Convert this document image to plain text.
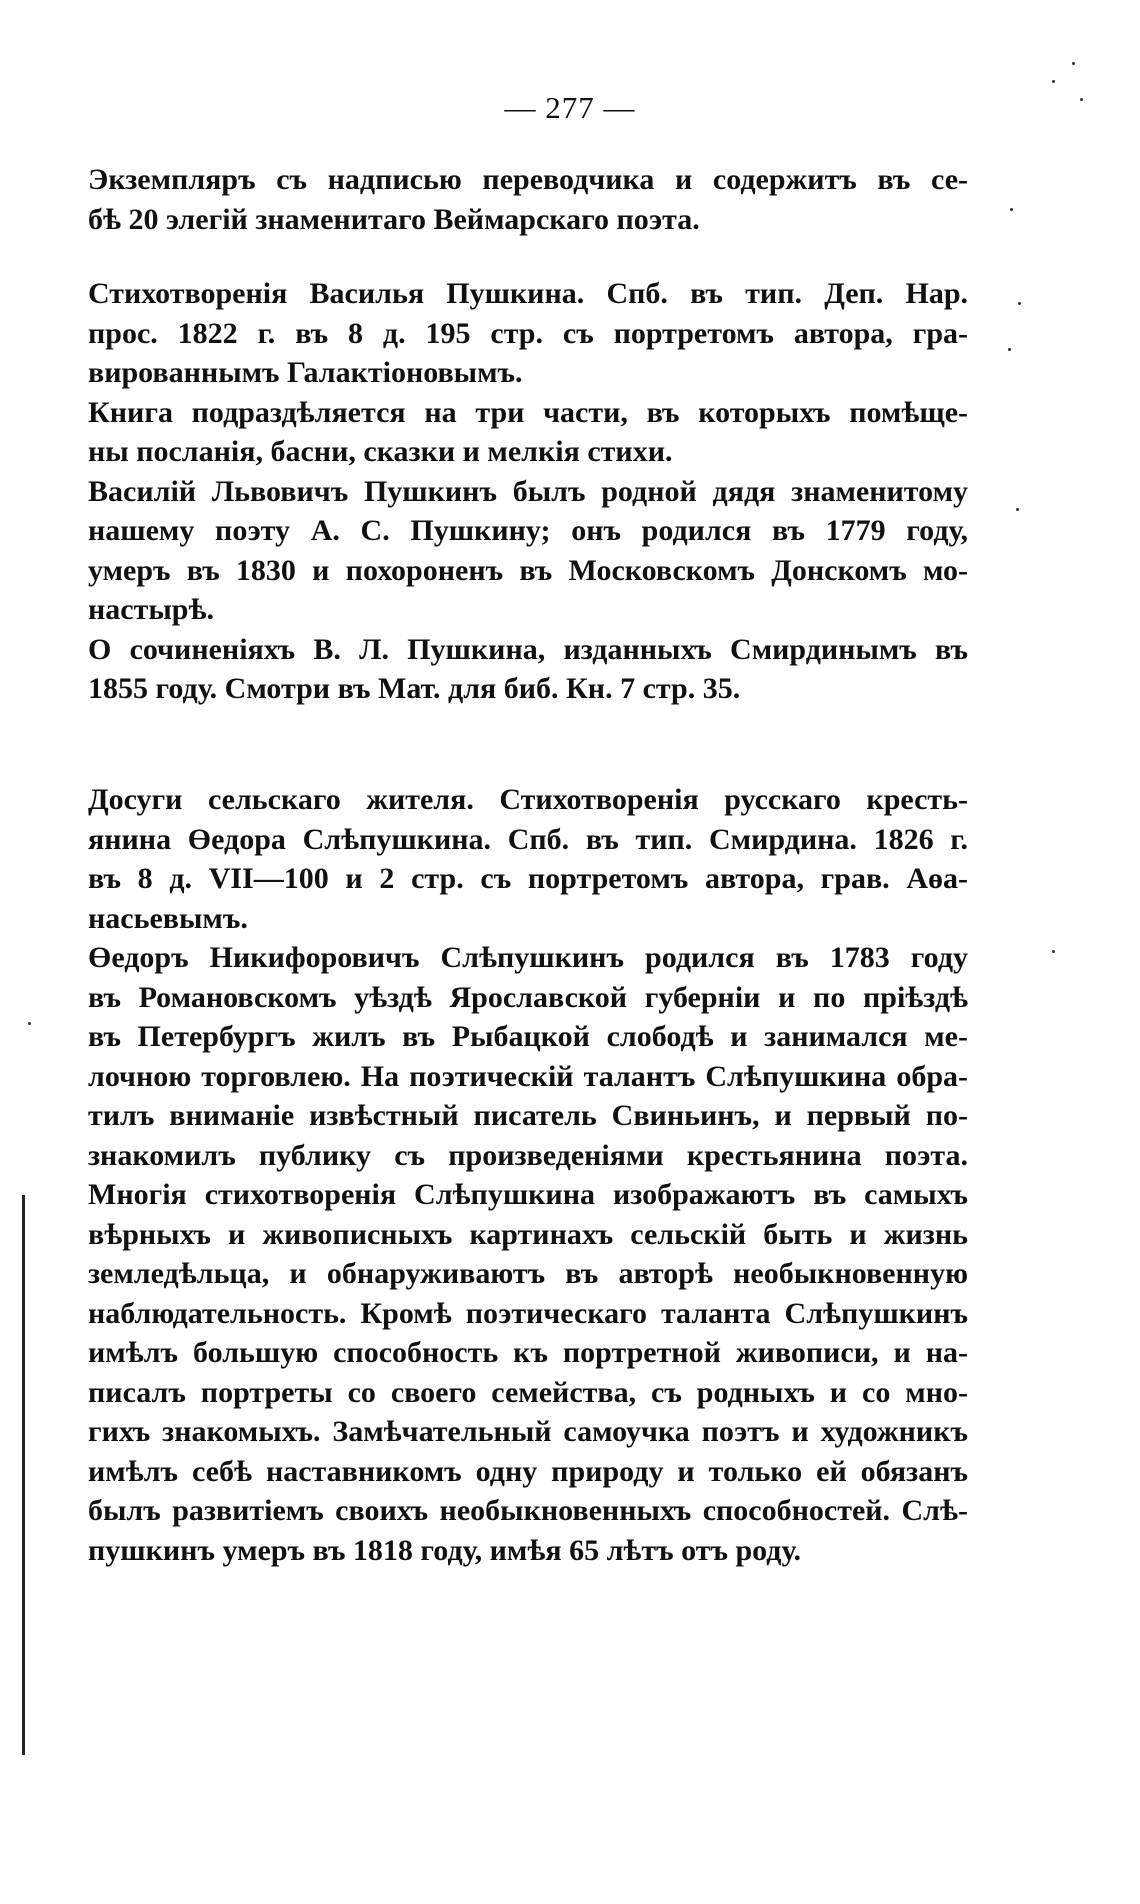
— 277 —

Экземпляръ съ надписью переводчика и содержитъ въ се-

бѣ 20 элегій знаменитаго Веймарскаго поэта.

Стихотворенія Василья Пушкина. Спб. въ тип. Деп. Нар.

прос. 1822 г. въ 8 д. 195 стр. съ портретомъ автора, гра-

вированнымъ Галактіоновымъ.

Книга подраздѣляется на три части, въ которыхъ помѣще-

ны посланія, басни, сказки и мелкія стихи.

Василій Львовичъ Пушкинъ былъ родной дядя знаменитому

нашему поэту А. С. Пушкину; онъ родился въ 1779 году,

умеръ въ 1830 и похороненъ въ Московскомъ Донскомъ мо-

настырѣ.

О сочиненіяхъ В. Л. Пушкина, изданныхъ Смирдинымъ въ

1855 году. Смотри въ Мат. для биб. Кн. 7 стр. 35.

Досуги сельскаго жителя. Стихотворенія русскаго кресть-

янина Өедора Слѣпушкина. Спб. въ тип. Смирдина. 1826 г.

въ 8 д. VII—100 и 2 стр. съ портретомъ автора, грав. Аөа-

насьевымъ.

Өедоръ Никифоровичъ Слѣпушкинъ родился въ 1783 году

въ Романовскомъ уѣздѣ Ярославской губерніи и по пріѣздѣ

въ Петербургъ жилъ въ Рыбацкой слободѣ и занимался ме-

лочною торговлею. На поэтическій талантъ Слѣпушкина обра-

тилъ вниманіе извѣстный писатель Свиньинъ, и первый по-

знакомилъ публику съ произведеніями крестьянина поэта.

Многія стихотворенія Слѣпушкина изображаютъ въ самыхъ

вѣрныхъ и живописныхъ картинахъ сельскій быть и жизнь

земледѣльца, и обнаруживаютъ въ авторѣ необыкновенную

наблюдательность. Кромѣ поэтическаго таланта Слѣпушкинъ

имѣлъ большую способность къ портретной живописи, и на-

писалъ портреты со своего семейства, съ родныхъ и со мно-

гихъ знакомыхъ. Замѣчательный самоучка поэтъ и художникъ

имѣлъ себѣ наставникомъ одну природу и только ей обязанъ

былъ развитіемъ своихъ необыкновенныхъ способностей. Слѣ-

пушкинъ умеръ въ 1818 году, имѣя 65 лѣтъ отъ роду.
